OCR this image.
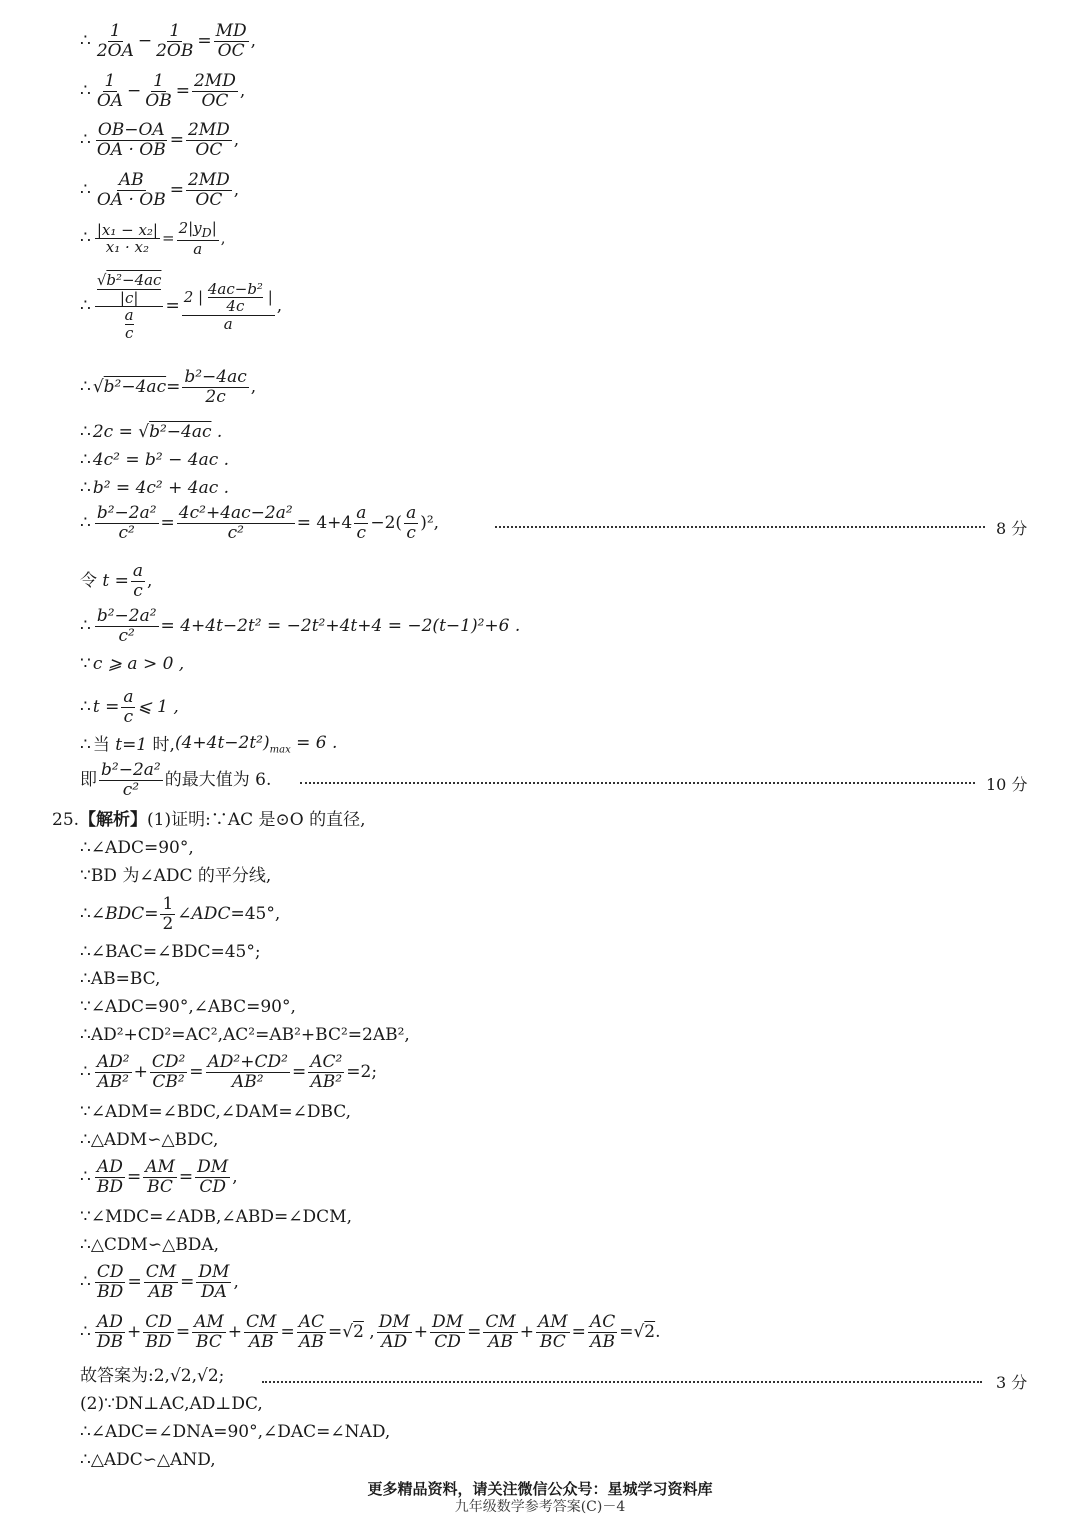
∴ $\frac{1}{2OA} - \frac{1}{2OB} = \frac{MD}{OC}$ ,
∴ $\frac{1}{OA} - \frac{1}{OB} = \frac{2MD}{OC}$ ,
∴ $\frac{OB-OA}{OA \cdot OB} = \frac{2MD}{OC}$ ,
∴ $\frac{AB}{OA \cdot OB} = \frac{2MD}{OC}$ ,
∴ $\frac{\text{|x₁ − x₂|}}{\text{x₁ · x₂}} = \frac{2|y_D|}{a}$ ,
∴ √b²−4ac
|c|
a
$c = \frac{2 | \frac{\text{4ac−b²}}{4c} |}{a}$ ,
∴ $√b^2-4ac = \frac{\text{b²−4ac}}{2c}$ ,
∴ 2c = √b²−4ac .
∴ 4c² = b² − 4ac .
∴ b² = 4c² + 4ac .
∴ $\frac{\text{b²−2a²}}{\text{c²}} = \frac{\text{4c²+4ac−2a²}}{\text{c²}} = 4+4 \frac{a}{c} -2( \frac{a}{c} )^2$,	8 分
令 $t = \frac{a}{c}$ ,
∴ $\frac{\text{b²−2a²}}{\text{c²}} = 4+4t-2t^2 = -2t^2+4t+4 = -2(t-1)^2+6$ .
∵ c ⩾ a > 0 ,
∴ $t = \frac{a}{c}$ ⩽ 1 ,
∴ 当 t=1 时, $(4+4t-2t^2)_{max} = 6$ .
即 $\frac{\text{b²−2a²}}{\text{c²}}$ 的最大值为 6.	10 分
25.【解析】(1)证明:∵AC 是⊙O 的直径,
∴∠ADC=90°,
∵BD 为∠ADC 的平分线,
∴∠BDC= $\frac{1}{2}$ ∠ADC=45°,
∴∠BAC=∠BDC=45°;
∴AB=BC,
∵∠ADC=90°,∠ABC=90°,
∴AD²+CD²=AC²,AC²=AB²+BC²=2AB²,
∴ $\frac{\text{AD²}}{\text{AB²}} + \frac{\text{CD²}}{\text{CB²}} = \frac{\text{AD²+CD²}}{\text{AB²}} = \frac{\text{AC²}}{\text{AB²}} =2$;
∵∠ADM=∠BDC,∠DAM=∠DBC,
∴△ADM∽△BDC,
∴ $\frac{AD}{BD} = \frac{AM}{BC} = \frac{DM}{CD}$ ,
∵∠MDC=∠ADB,∠ABD=∠DCM,
∴△CDM∽△BDA,
∴ $\frac{CD}{BD} = \frac{CM}{AB} = \frac{DM}{DA}$ ,
∴ $\frac{AD}{DB} + \frac{CD}{BD} = \frac{AM}{BC} + \frac{CM}{AB} = \frac{AC}{AB}$ =√ 2 , $\frac{DM}{AD} + \frac{DM}{CD} = \frac{CM}{AB} + \frac{AM}{BC} = \frac{AC}{AB}$ =√ 2 .
故答案为:2,√2,√2;	3 分
(2)∵DN⊥AC,AD⊥DC,
∴∠ADC=∠DNA=90°,∠DAC=∠NAD,
∴△ADC∽△AND,
更多精品资料，请关注微信公众号：星城学习资料库
九年级数学参考答案(C)－4
